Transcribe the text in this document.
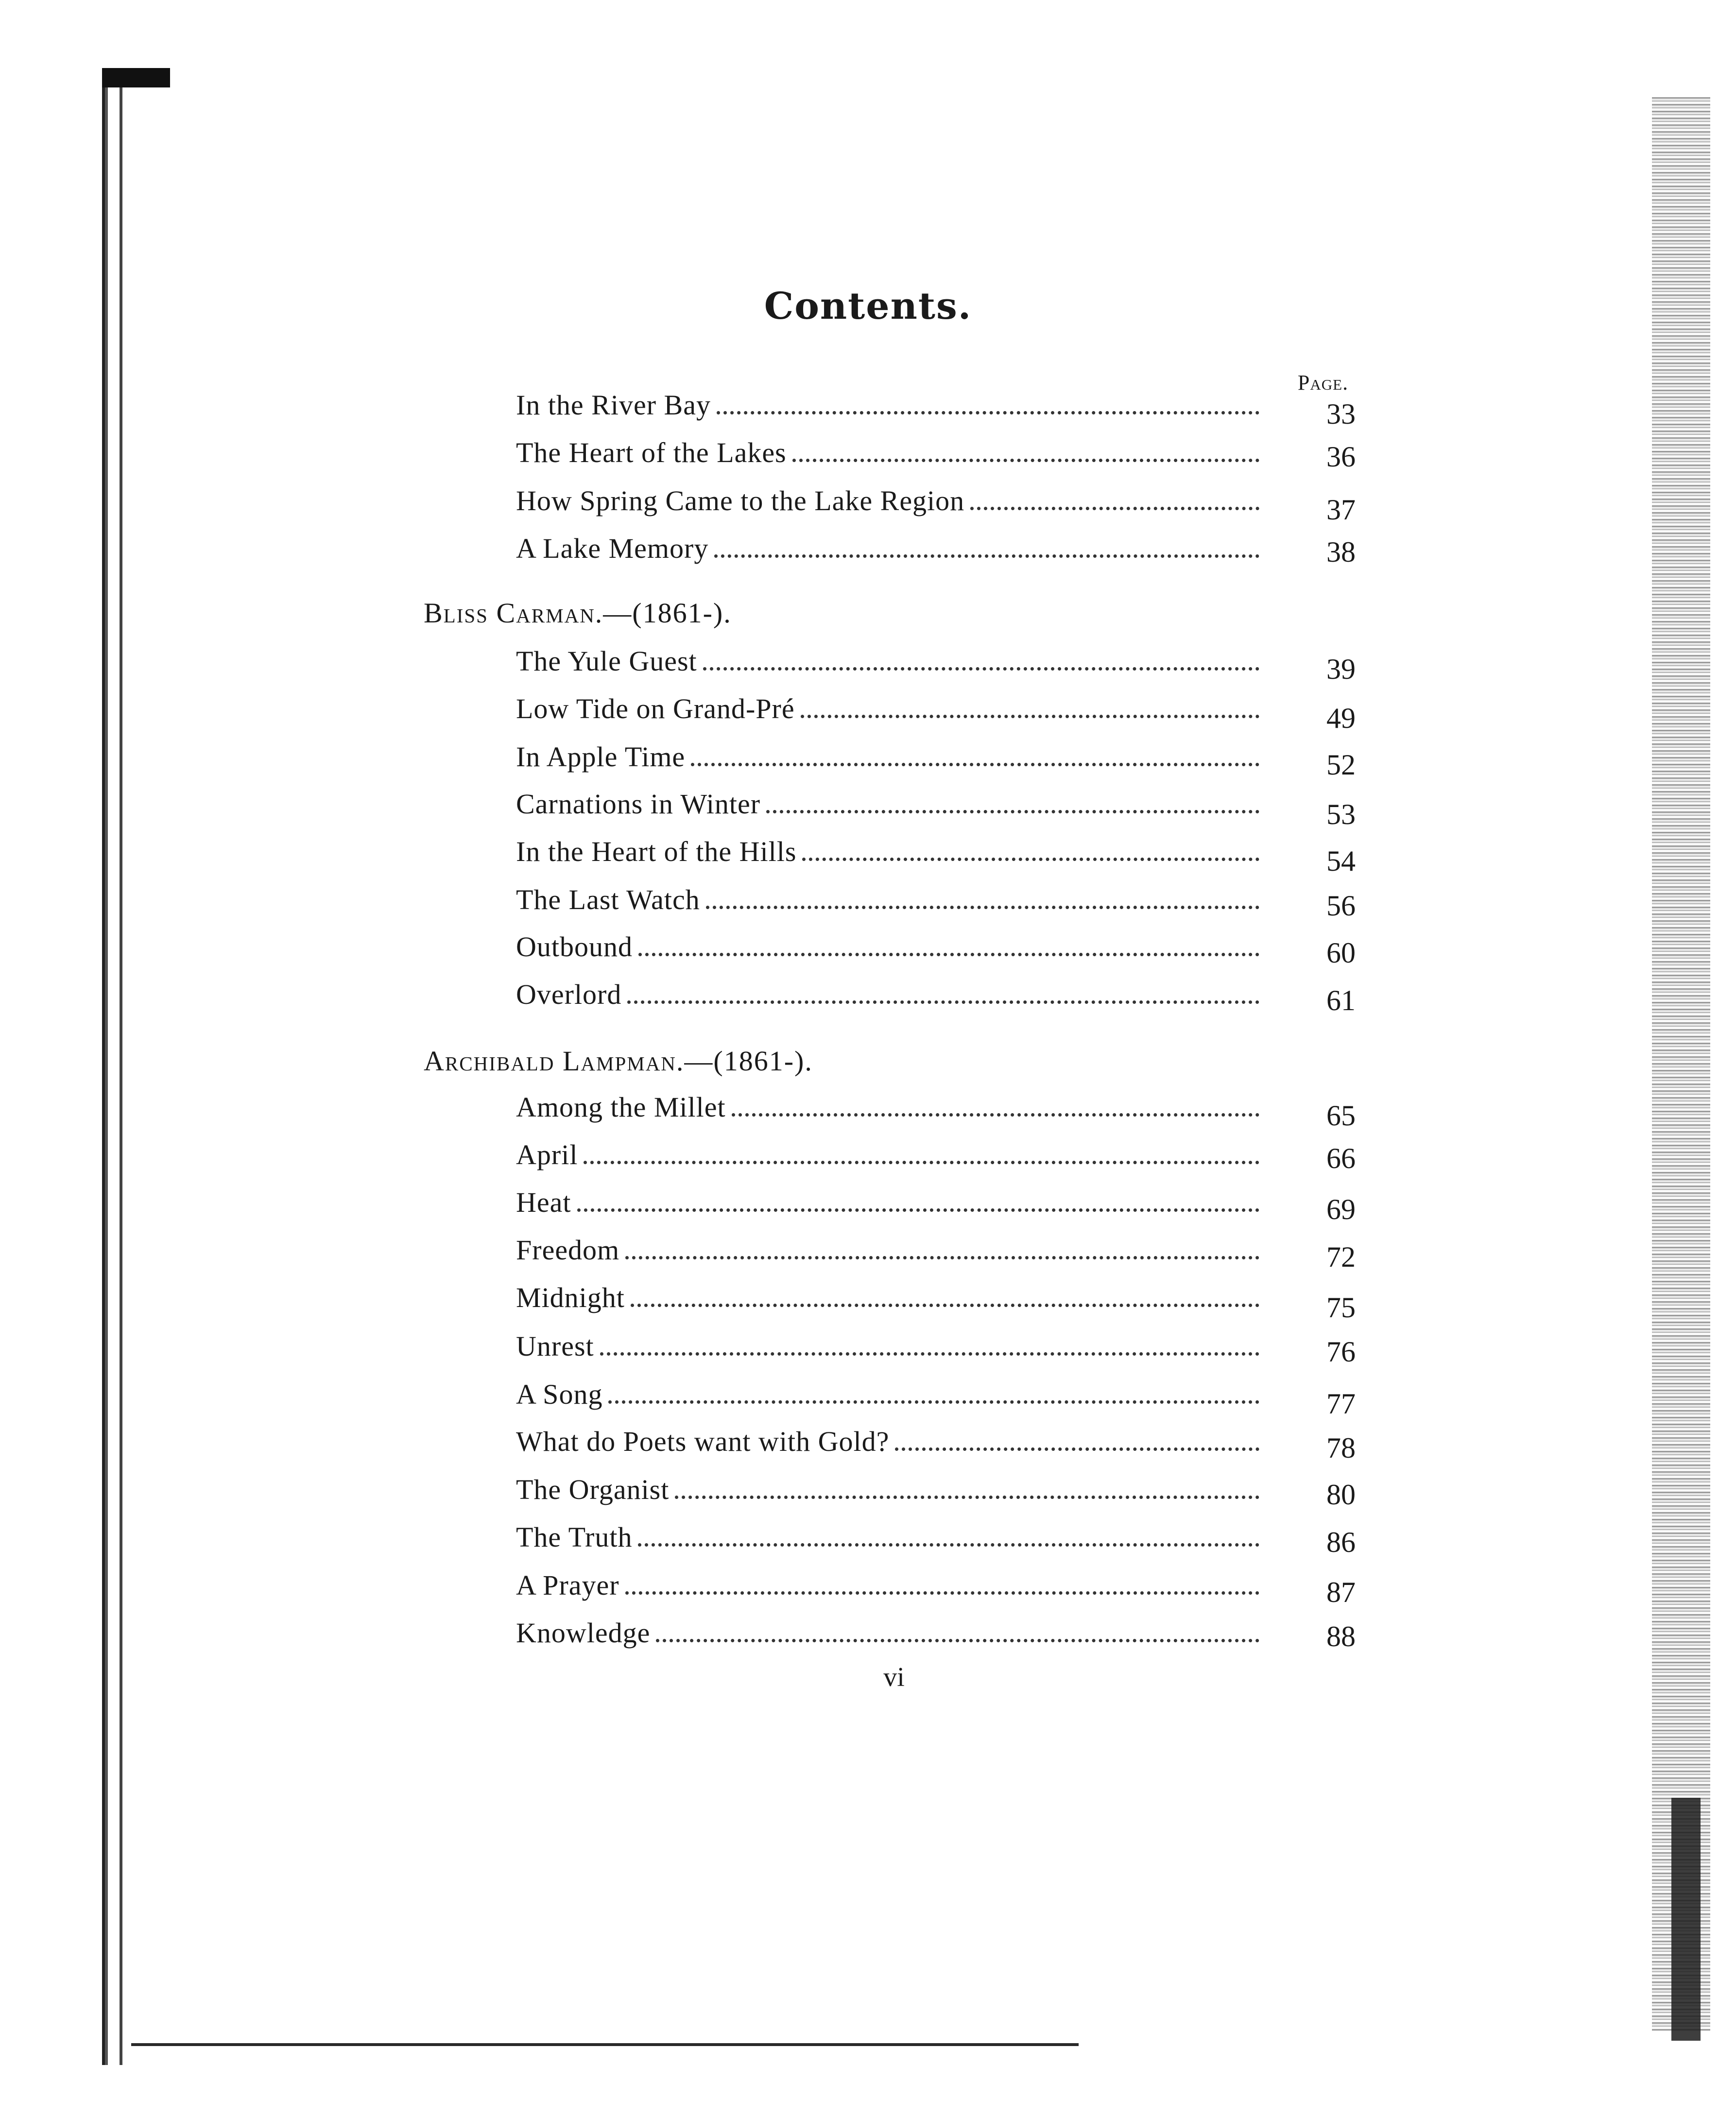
Contents.
Page.
In the River Bay	33
The Heart of the Lakes	36
How Spring Came to the Lake Region	37
A Lake Memory	38
Bliss Carman.—(1861-).
The Yule Guest	39
Low Tide on Grand-Pré	49
In Apple Time	52
Carnations in Winter	53
In the Heart of the Hills	54
The Last Watch	56
Outbound	60
Overlord	61
Archibald Lampman.—(1861-).
Among the Millet	65
April	66
Heat	69
Freedom	72
Midnight	75
Unrest	76
A Song	77
What do Poets want with Gold?	78
The Organist	80
The Truth	86
A Prayer	87
Knowledge	88
vi
